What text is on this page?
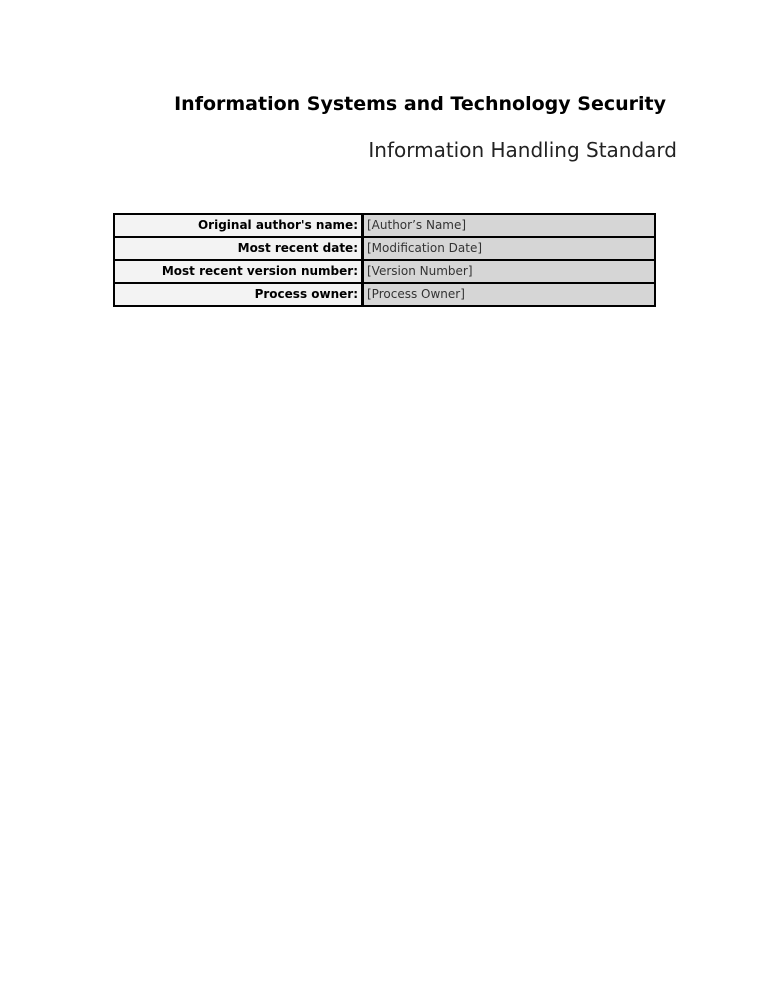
Information Systems and Technology Security
Information Handling Standard
Original author's name:	[Author’s Name]
Most recent date:	[Modification Date]
Most recent version number:	[Version Number]
Process owner:	[Process Owner]
